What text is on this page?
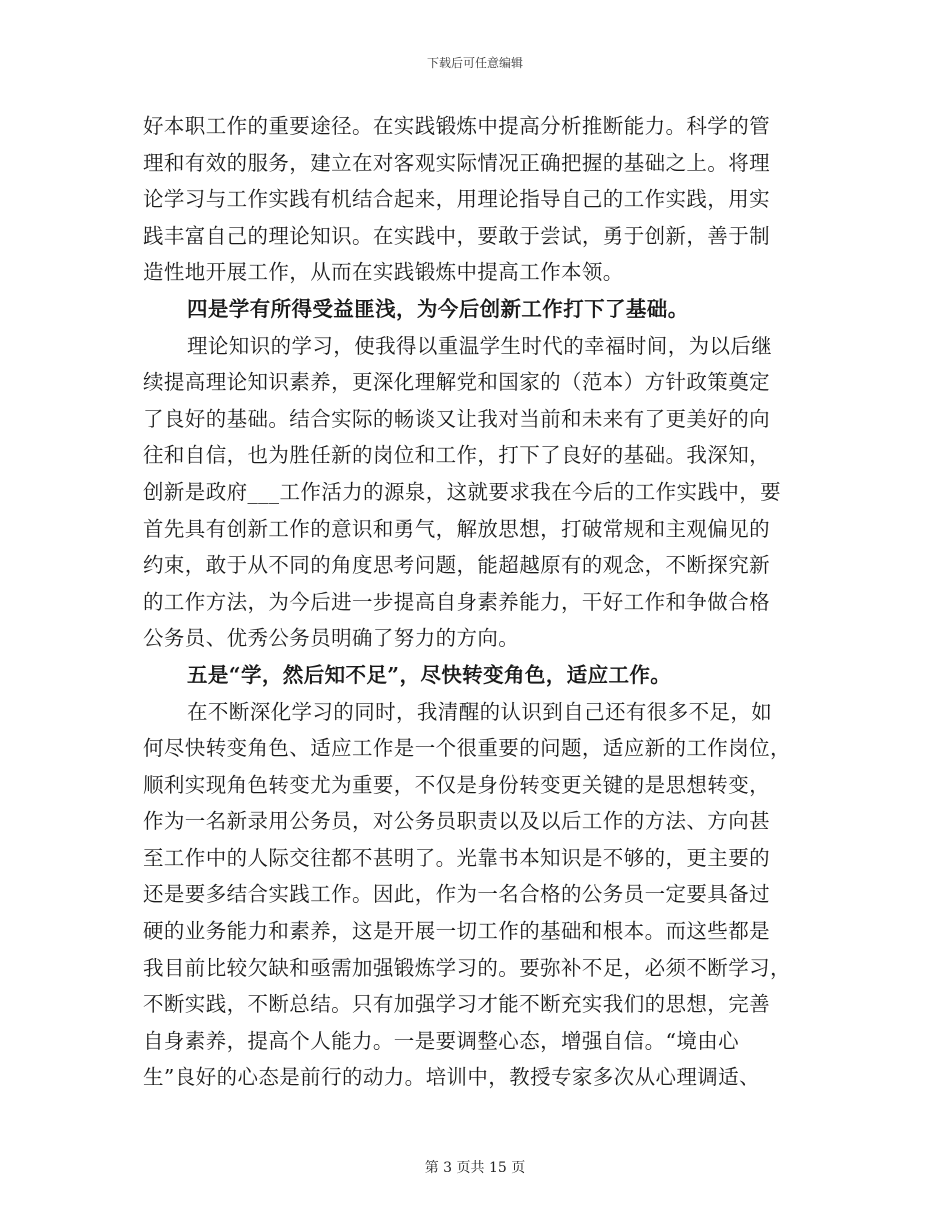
下载后可任意编辑
好本职工作的重要途径。在实践锻炼中提高分析推断能力。科学的管
理和有效的服务，建立在对客观实际情况正确把握的基础之上。将理
论学习与工作实践有机结合起来，用理论指导自己的工作实践，用实
践丰富自己的理论知识。在实践中，要敢于尝试，勇于创新，善于制
造性地开展工作，从而在实践锻炼中提高工作本领。
四是学有所得受益匪浅，为今后创新工作打下了基础。
理论知识的学习，使我得以重温学生时代的幸福时间，为以后继
续提高理论知识素养，更深化理解党和国家的（范本）方针政策奠定
了良好的基础。结合实际的畅谈又让我对当前和未来有了更美好的向
往和自信，也为胜任新的岗位和工作，打下了良好的基础。我深知，
创新是政府___工作活力的源泉，这就要求我在今后的工作实践中，要
首先具有创新工作的意识和勇气，解放思想，打破常规和主观偏见的
约束，敢于从不同的角度思考问题，能超越原有的观念，不断探究新
的工作方法，为今后进一步提高自身素养能力，干好工作和争做合格
公务员、优秀公务员明确了努力的方向。
五是“学，然后知不足”，尽快转变角色，适应工作。
在不断深化学习的同时，我清醒的认识到自己还有很多不足，如
何尽快转变角色、适应工作是一个很重要的问题，适应新的工作岗位，
顺利实现角色转变尤为重要，不仅是身份转变更关键的是思想转变，
作为一名新录用公务员，对公务员职责以及以后工作的方法、方向甚
至工作中的人际交往都不甚明了。光靠书本知识是不够的，更主要的
还是要多结合实践工作。因此，作为一名合格的公务员一定要具备过
硬的业务能力和素养，这是开展一切工作的基础和根本。而这些都是
我目前比较欠缺和亟需加强锻炼学习的。要弥补不足，必须不断学习，
不断实践，不断总结。只有加强学习才能不断充实我们的思想，完善
自身素养，提高个人能力。一是要调整心态，增强自信。“境由心
生”良好的心态是前行的动力。培训中，教授专家多次从心理调适、
第 3 页共 15 页
